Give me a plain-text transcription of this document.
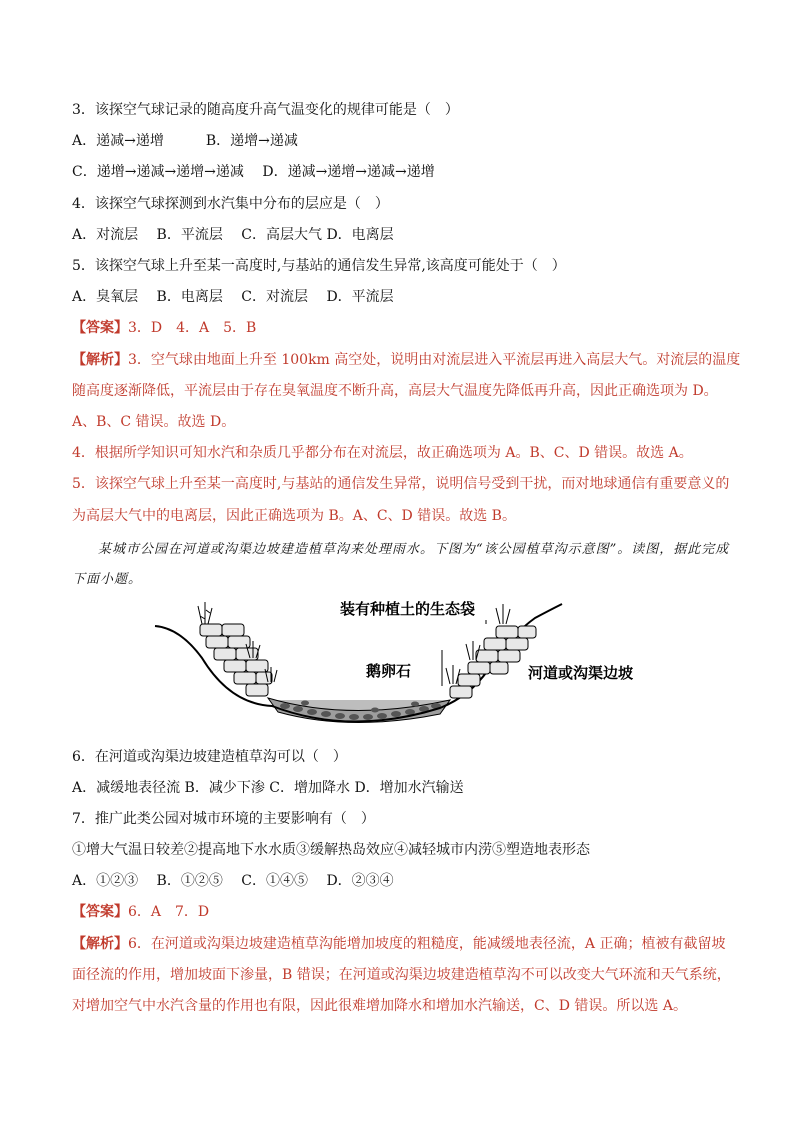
3．该探空气球记录的随高度升高气温变化的规律可能是（　）
A．递减→递增　　　B．递增→递减
C．递增→递减→递增→递减　 D．递减→递增→递减→递增
4．该探空气球探测到水汽集中分布的层应是（　）
A．对流层　 B．平流层　 C．高层大气 D．电离层
5．该探空气球上升至某一高度时,与基站的通信发生异常,该高度可能处于（　）
A．臭氧层　 B．电离层　 C．对流层　 D．平流层
【答案】3．D　4．A　5．B
【解析】3．空气球由地面上升至 100km 高空处，说明由对流层进入平流层再进入高层大气。对流层的温度
随高度逐渐降低，平流层由于存在臭氧温度不断升高，高层大气温度先降低再升高，因此正确选项为 D。
A、B、C 错误。故选 D。
4．根据所学知识可知水汽和杂质几乎都分布在对流层，故正确选项为 A。B、C、D 错误。故选 A。
5．该探空气球上升至某一高度时,与基站的通信发生异常，说明信号受到干扰，而对地球通信有重要意义的
为高层大气中的电离层，因此正确选项为 B。A、C、D 错误。故选 B。
某城市公园在河道或沟渠边坡建造植草沟来处理雨水。下图为“该公园植草沟示意图”。读图，据此完成
下面小题。
装有种植土的生态袋
鹅卵石	河道或沟渠边坡
6．在河道或沟渠边坡建造植草沟可以（　）
A．减缓地表径流 B．减少下渗 C．增加降水 D．增加水汽输送
7．推广此类公园对城市环境的主要影响有（　）
①增大气温日较差②提高地下水水质③缓解热岛效应④减轻城市内涝⑤塑造地表形态
A．①②③　 B．①②⑤　 C．①④⑤　 D．②③④
【答案】6．A　7．D
【解析】6．在河道或沟渠边坡建造植草沟能增加坡度的粗糙度，能减缓地表径流，A 正确；植被有截留坡
面径流的作用，增加坡面下渗量，B 错误；在河道或沟渠边坡建造植草沟不可以改变大气环流和天气系统，
对增加空气中水汽含量的作用也有限，因此很难增加降水和增加水汽输送，C、D 错误。所以选 A。
